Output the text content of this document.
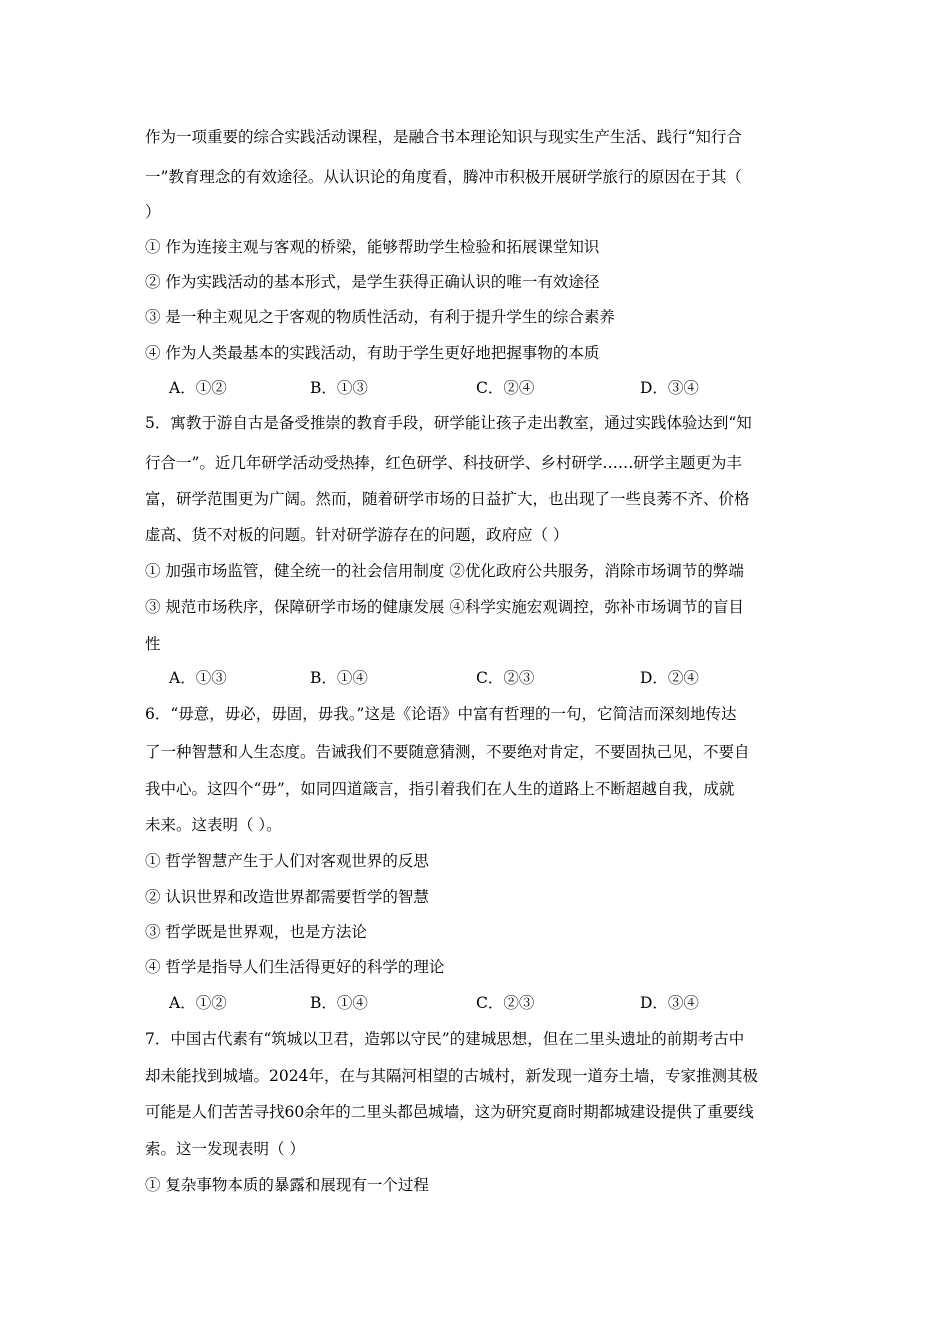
作为一项重要的综合实践活动课程，是融合书本理论知识与现实生产生活、践行“知行合
一”教育理念的有效途径。从认识论的角度看，腾冲市积极开展研学旅行的原因在于其（
）
① 作为连接主观与客观的桥梁，能够帮助学生检验和拓展课堂知识
② 作为实践活动的基本形式，是学生获得正确认识的唯一有效途径
③ 是一种主观见之于客观的物质性活动，有利于提升学生的综合素养
④ 作为人类最基本的实践活动，有助于学生更好地把握事物的本质
A．①②	B．①③	C．②④	D．③④
5．寓教于游自古是备受推崇的教育手段，研学能让孩子走出教室，通过实践体验达到“知
行合一”。近几年研学活动受热捧，红色研学、科技研学、乡村研学……研学主题更为丰
富，研学范围更为广阔。然而，随着研学市场的日益扩大，也出现了一些良莠不齐、价格
虚高、货不对板的问题。针对研学游存在的问题，政府应（ ）
① 加强市场监管，健全统一的社会信用制度 ②优化政府公共服务，消除市场调节的弊端
③ 规范市场秩序，保障研学市场的健康发展 ④科学实施宏观调控，弥补市场调节的盲目
性
A．①③	B．①④	C．②③	D．②④
6．“毋意，毋必，毋固，毋我。”这是《论语》中富有哲理的一句，它简洁而深刻地传达
了一种智慧和人生态度。告诫我们不要随意猜测，不要绝对肯定，不要固执己见，不要自
我中心。这四个“毋”，如同四道箴言，指引着我们在人生的道路上不断超越自我，成就
未来。这表明（ ）。
① 哲学智慧产生于人们对客观世界的反思
② 认识世界和改造世界都需要哲学的智慧
③ 哲学既是世界观，也是方法论
④ 哲学是指导人们生活得更好的科学的理论
A．①②	B．①④	C．②③	D．③④
7．中国古代素有“筑城以卫君，造郭以守民”的建城思想，但在二里头遗址的前期考古中
却未能找到城墙。2024年，在与其隔河相望的古城村，新发现一道夯土墙，专家推测其极
可能是人们苦苦寻找60余年的二里头都邑城墙，这为研究夏商时期都城建设提供了重要线
索。这一发现表明（ ）
① 复杂事物本质的暴露和展现有一个过程
